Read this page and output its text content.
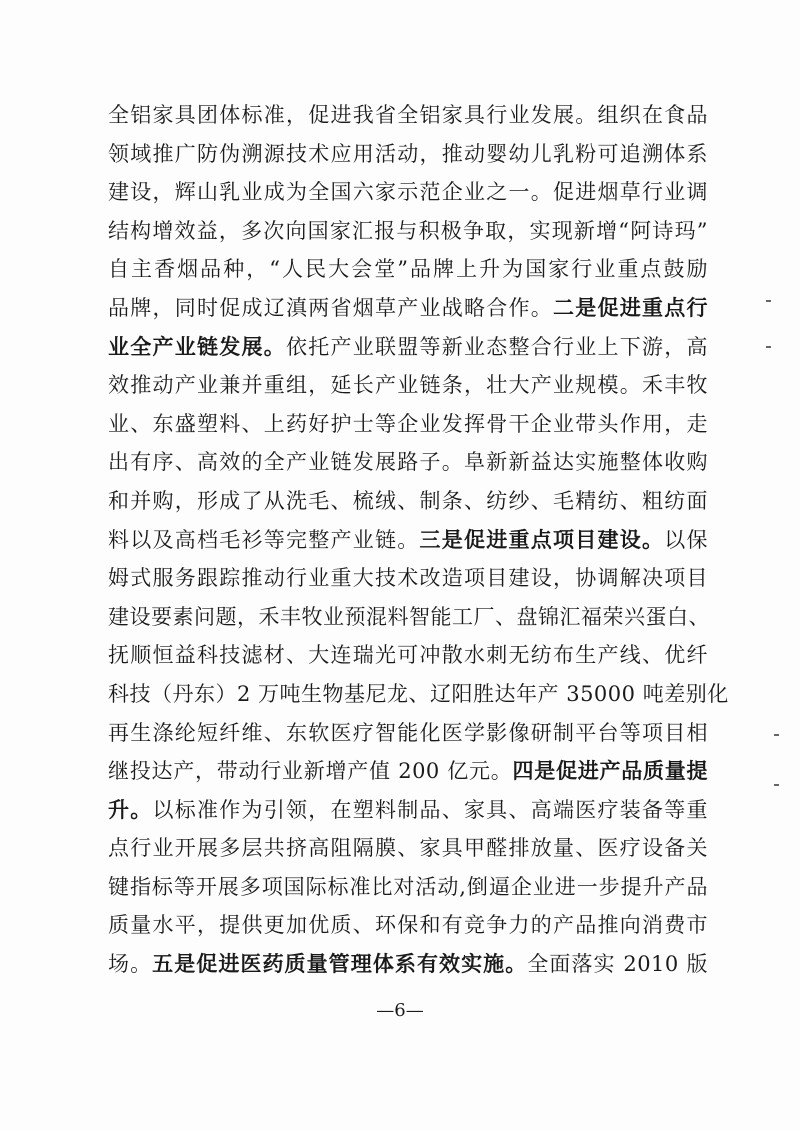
全铝家具团体标准，促进我省全铝家具行业发展。组织在食品
领域推广防伪溯源技术应用活动，推动婴幼儿乳粉可追溯体系
建设，辉山乳业成为全国六家示范企业之一。促进烟草行业调
结构增效益，多次向国家汇报与积极争取，实现新增“阿诗玛”
自主香烟品种，“人民大会堂”品牌上升为国家行业重点鼓励
品牌，同时促成辽滇两省烟草产业战略合作。二是促进重点行
业全产业链发展。依托产业联盟等新业态整合行业上下游，高
效推动产业兼并重组，延长产业链条，壮大产业规模。禾丰牧
业、东盛塑料、上药好护士等企业发挥骨干企业带头作用，走
出有序、高效的全产业链发展路子。阜新新益达实施整体收购
和并购，形成了从洗毛、梳绒、制条、纺纱、毛精纺、粗纺面
料以及高档毛衫等完整产业链。三是促进重点项目建设。以保
姆式服务跟踪推动行业重大技术改造项目建设，协调解决项目
建设要素问题，禾丰牧业预混料智能工厂、盘锦汇福荣兴蛋白、
抚顺恒益科技滤材、大连瑞光可冲散水刺无纺布生产线、优纤
科技（丹东）2 万吨生物基尼龙、辽阳胜达年产 35000 吨差别化
再生涤纶短纤维、东软医疗智能化医学影像研制平台等项目相
继投达产，带动行业新增产值 200 亿元。四是促进产品质量提
升。以标准作为引领，在塑料制品、家具、高端医疗装备等重
点行业开展多层共挤高阻隔膜、家具甲醛排放量、医疗设备关
键指标等开展多项国际标准比对活动,倒逼企业进一步提升产品
质量水平，提供更加优质、环保和有竞争力的产品推向消费市
场。五是促进医药质量管理体系有效实施。全面落实 2010 版
—6—
